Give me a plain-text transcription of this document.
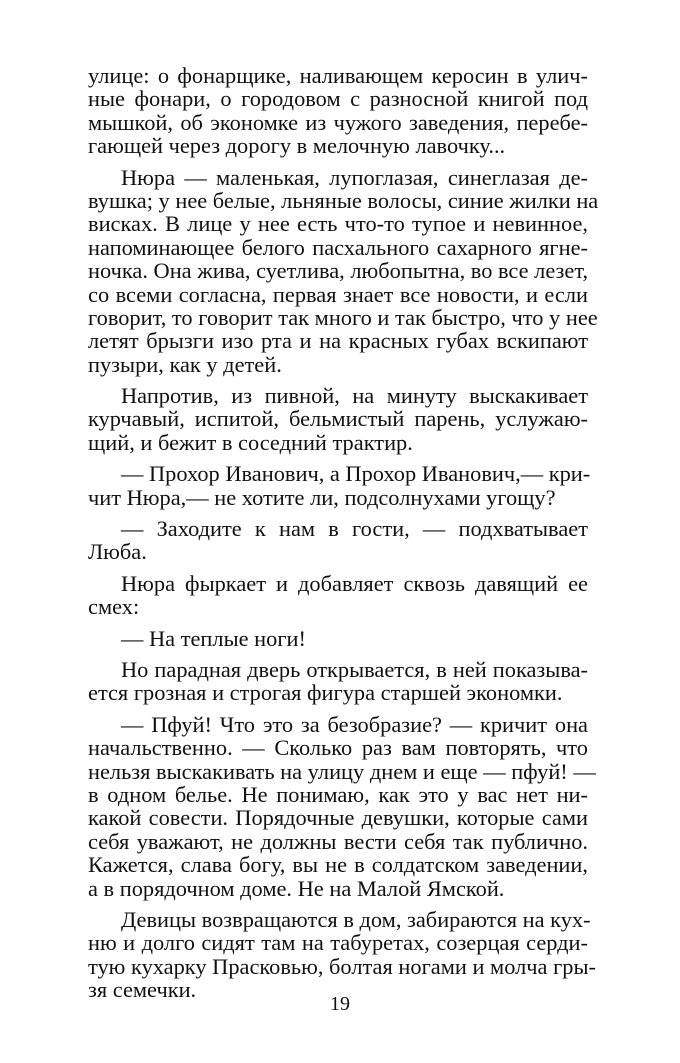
улице: о фонарщике, наливающем керосин в улич-
ные фонари, о городовом с разносной книгой под
мышкой, об экономке из чужого заведения, перебе-
гающей через дорогу в мелочную лавочку...
Нюра — маленькая, лупоглазая, синеглазая де-
вушка; у нее белые, льняные волосы, синие жилки на
висках. В лице у нее есть что-то тупое и невинное,
напоминающее белого пасхального сахарного ягне-
ночка. Она жива, суетлива, любопытна, во все лезет,
со всеми согласна, первая знает все новости, и если
говорит, то говорит так много и так быстро, что у нее
летят брызги изо рта и на красных губах вскипают
пузыри, как у детей.
Напротив, из пивной, на минуту выскакивает
курчавый, испитой, бельмистый парень, услужаю-
щий, и бежит в соседний трактир.
— Прохор Иванович, а Прохор Иванович,— кри-
чит Нюра,— не хотите ли, подсолнухами угощу?
— Заходите к нам в гости, — подхватывает
Люба.
Нюра фыркает и добавляет сквозь давящий ее
смех:
— На теплые ноги!
Но парадная дверь открывается, в ней показыва-
ется грозная и строгая фигура старшей экономки.
— Пфуй! Что это за безобразие? — кричит она
начальственно. — Сколько раз вам повторять, что
нельзя выскакивать на улицу днем и еще — пфуй! —
в одном белье. Не понимаю, как это у вас нет ни-
какой совести. Порядочные девушки, которые сами
себя уважают, не должны вести себя так публично.
Кажется, слава богу, вы не в солдатском заведении,
а в порядочном доме. Не на Малой Ямской.
Девицы возвращаются в дом, забираются на кух-
ню и долго сидят там на табуретах, созерцая серди-
тую кухарку Прасковью, болтая ногами и молча гры-
зя семечки.
19
